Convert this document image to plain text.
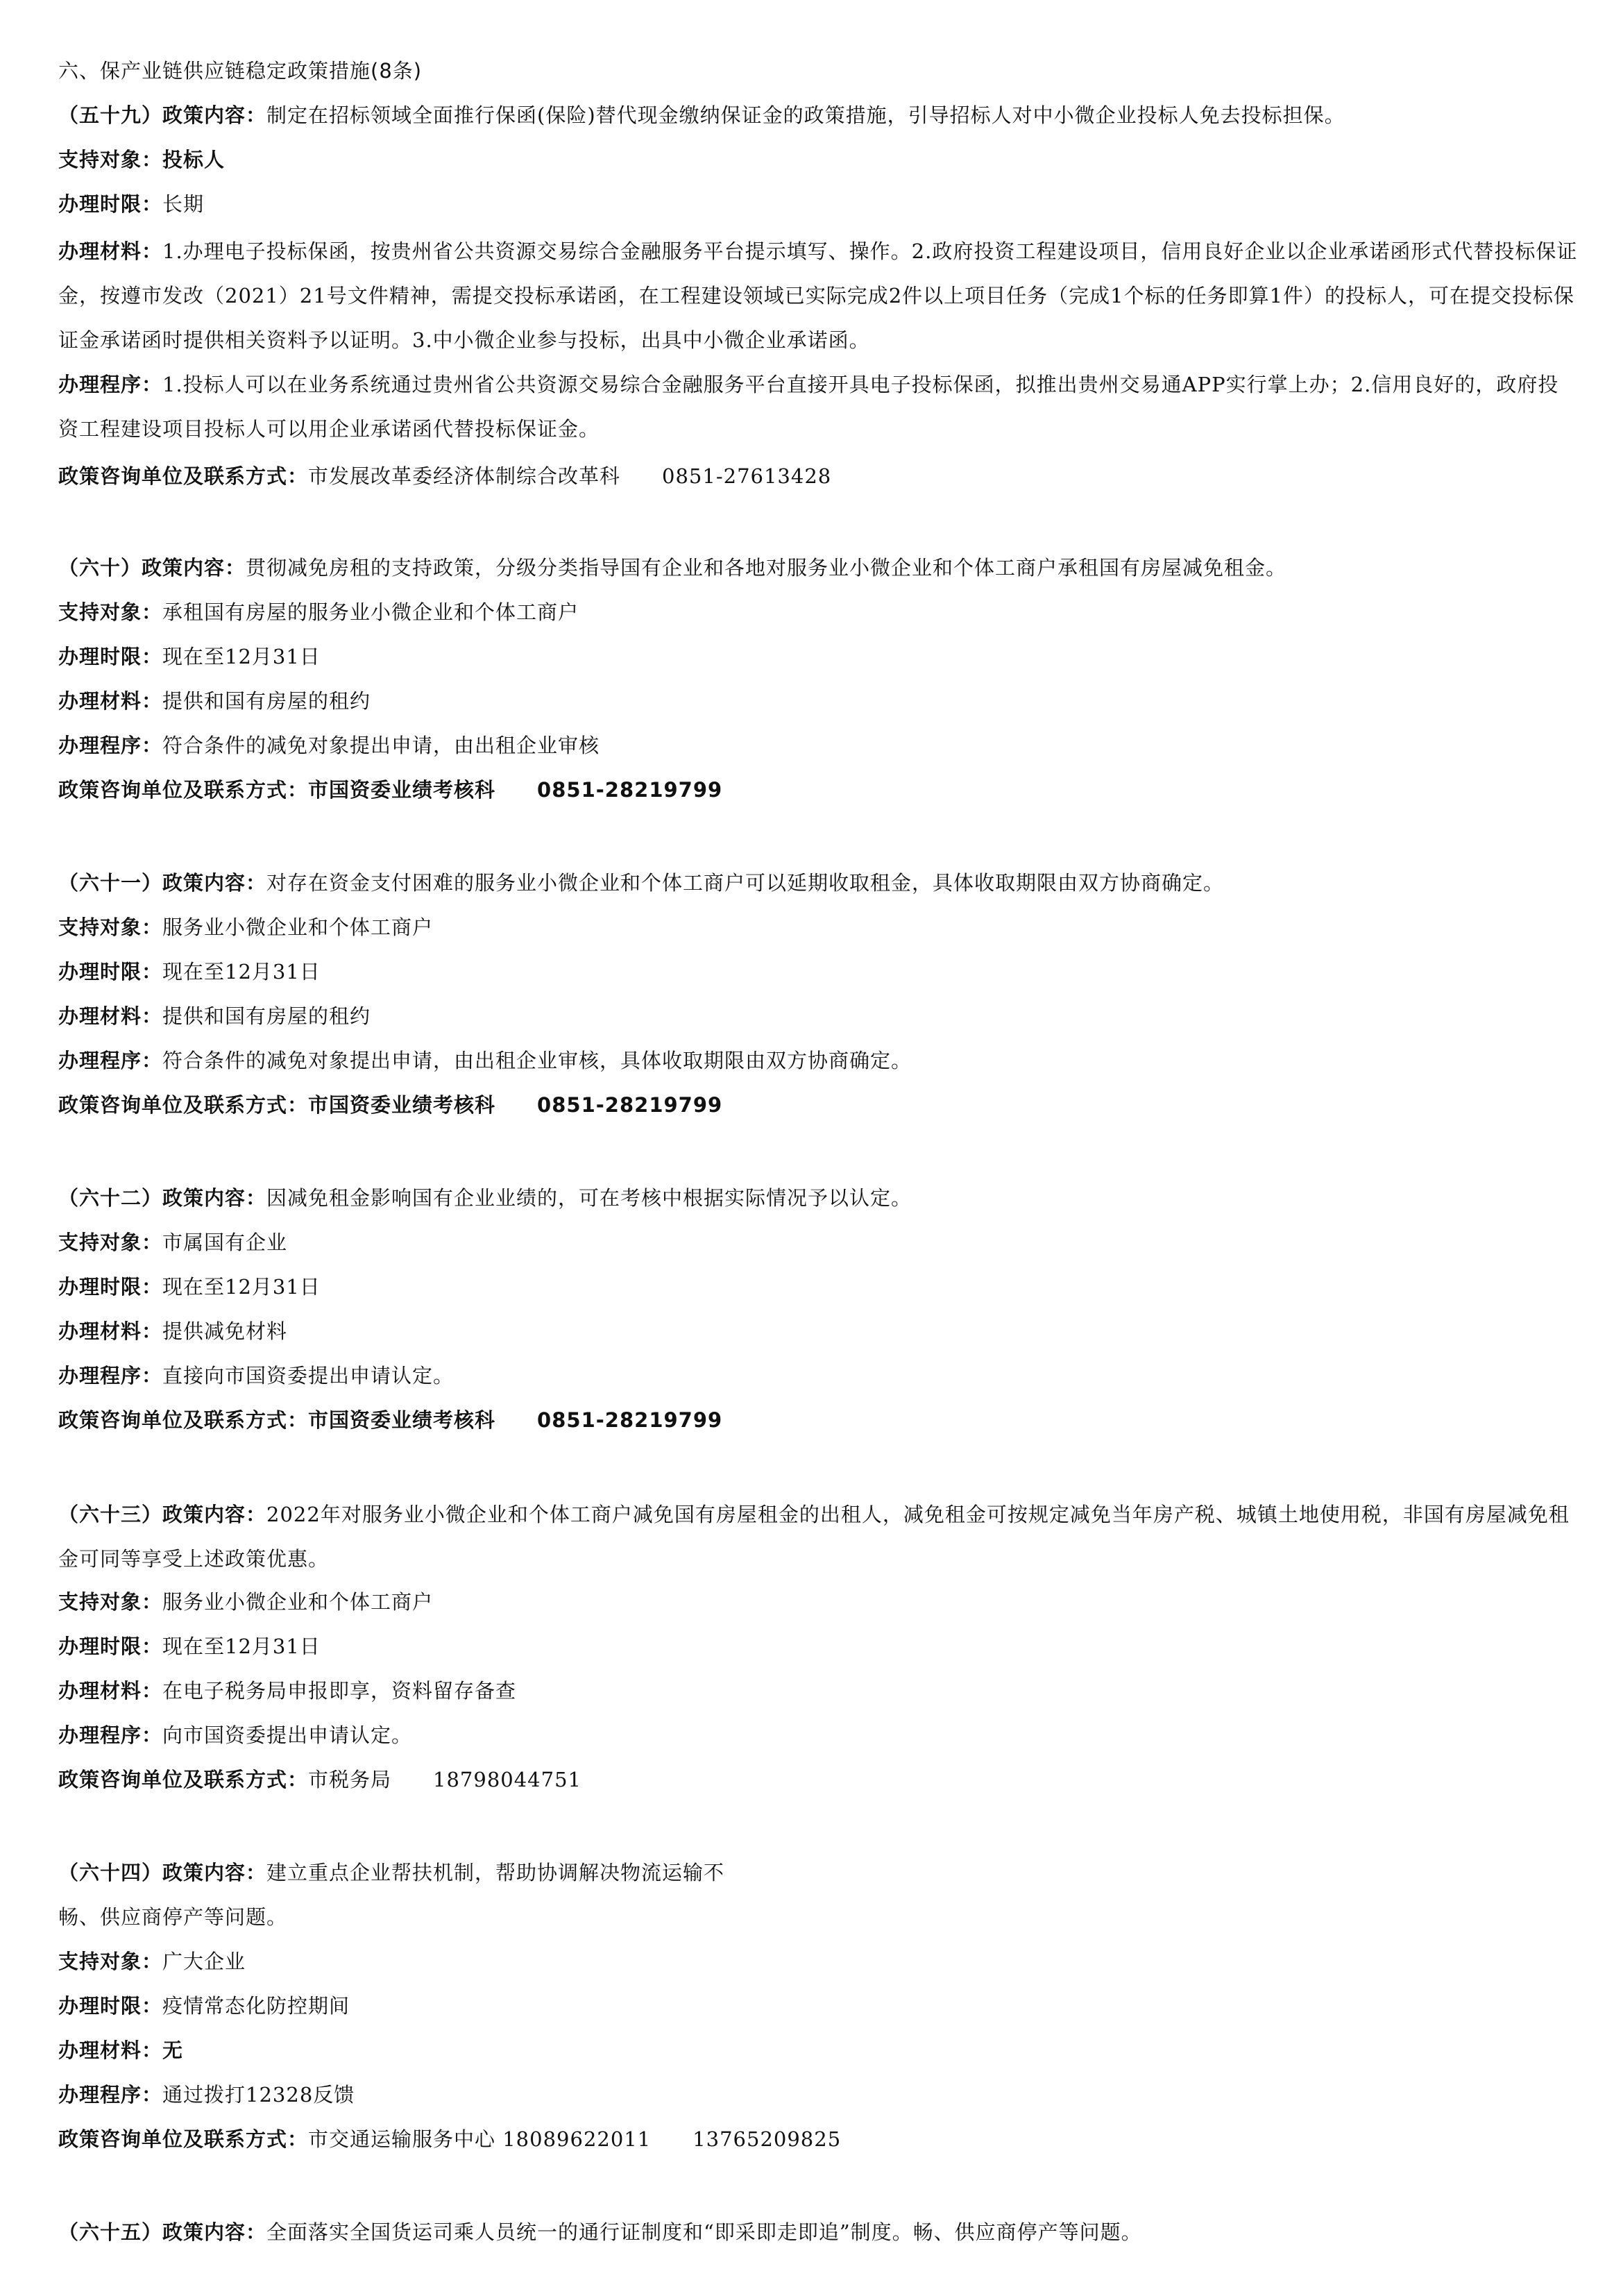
六、保产业链供应链稳定政策措施(8条)
（五十九）政策内容：制定在招标领域全面推行保函(保险)替代现金缴纳保证金的政策措施，引导招标人对中小微企业投标人免去投标担保。
支持对象：投标人
办理时限：长期
办理材料：1.办理电子投标保函，按贵州省公共资源交易综合金融服务平台提示填写、操作。2.政府投资工程建设项目，信用良好企业以企业承诺函形式代替投标保证金，按遵市发改（2021）21号文件精神，需提交投标承诺函，在工程建设领域已实际完成2件以上项目任务（完成1个标的任务即算1件）的投标人，可在提交投标保证金承诺函时提供相关资料予以证明。3.中小微企业参与投标，出具中小微企业承诺函。
办理程序：1.投标人可以在业务系统通过贵州省公共资源交易综合金融服务平台直接开具电子投标保函，拟推出贵州交易通APP实行掌上办；2.信用良好的，政府投资工程建设项目投标人可以用企业承诺函代替投标保证金。
政策咨询单位及联系方式：市发展改革委经济体制综合改革科 0851-27613428
（六十）政策内容：贯彻减免房租的支持政策，分级分类指导国有企业和各地对服务业小微企业和个体工商户承租国有房屋减免租金。
支持对象：承租国有房屋的服务业小微企业和个体工商户
办理时限：现在至12月31日
办理材料：提供和国有房屋的租约
办理程序：符合条件的减免对象提出申请，由出租企业审核
政策咨询单位及联系方式：市国资委业绩考核科 0851-28219799
（六十一）政策内容：对存在资金支付困难的服务业小微企业和个体工商户可以延期收取租金，具体收取期限由双方协商确定。
支持对象：服务业小微企业和个体工商户
办理时限：现在至12月31日
办理材料：提供和国有房屋的租约
办理程序：符合条件的减免对象提出申请，由出租企业审核，具体收取期限由双方协商确定。
政策咨询单位及联系方式：市国资委业绩考核科 0851-28219799
（六十二）政策内容：因减免租金影响国有企业业绩的，可在考核中根据实际情况予以认定。
支持对象：市属国有企业
办理时限：现在至12月31日
办理材料：提供减免材料
办理程序：直接向市国资委提出申请认定。
政策咨询单位及联系方式：市国资委业绩考核科 0851-28219799
（六十三）政策内容：2022年对服务业小微企业和个体工商户减免国有房屋租金的出租人，减免租金可按规定减免当年房产税、城镇土地使用税，非国有房屋减免租金可同等享受上述政策优惠。
支持对象：服务业小微企业和个体工商户
办理时限：现在至12月31日
办理材料：在电子税务局申报即享，资料留存备查
办理程序：向市国资委提出申请认定。
政策咨询单位及联系方式：市税务局 18798044751
（六十四）政策内容：建立重点企业帮扶机制，帮助协调解决物流运输不
畅、供应商停产等问题。
支持对象：广大企业
办理时限：疫情常态化防控期间
办理材料：无
办理程序：通过拨打12328反馈
政策咨询单位及联系方式：市交通运输服务中心 18089622011 13765209825
（六十五）政策内容：全面落实全国货运司乘人员统一的通行证制度和“即采即走即追”制度。畅、供应商停产等问题。
